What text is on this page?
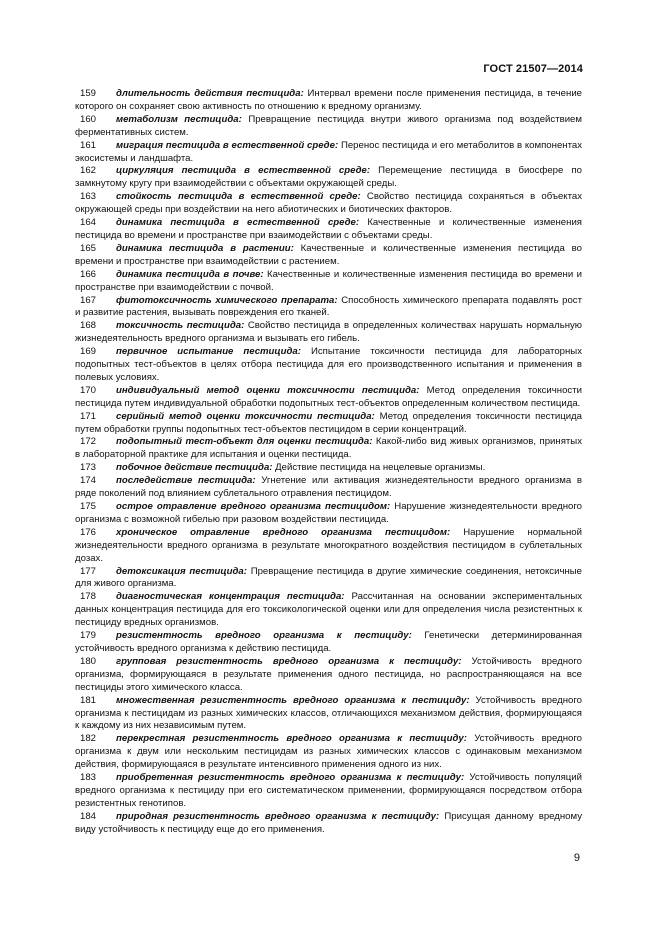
ГОСТ 21507—2014

159 длительность действия пестицида: Интервал времени после применения пестицида, в течение которого он сохраняет свою активность по отношению к вредному организму.

160 метаболизм пестицида: Превращение пестицида внутри живого организма под воздействием ферментативных систем.

161 миграция пестицида в естественной среде: Перенос пестицида и его метаболитов в компонентах экосистемы и ландшафта.

162 циркуляция пестицида в естественной среде: Перемещение пестицида в биосфере по замкнутому кругу при взаимодействии с объектами окружающей среды.

163 стойкость пестицида в естественной среде: Свойство пестицида сохраняться в объектах окружающей среды при воздействии на него абиотических и биотических факторов.

164 динамика пестицида в естественной среде: Качественные и количественные изменения пестицида во времени и пространстве при взаимодействии с объектами среды.

165 динамика пестицида в растении: Качественные и количественные изменения пестицида во времени и пространстве при взаимодействии с растением.

166 динамика пестицида в почве: Качественные и количественные изменения пестицида во времени и пространстве при взаимодействии с почвой.

167 фитотоксичность химического препарата: Способность химического препарата подавлять рост и развитие растения, вызывать повреждения его тканей.

168 токсичность пестицида: Свойство пестицида в определенных количествах нарушать нормальную жизнедеятельность вредного организма и вызывать его гибель.

169 первичное испытание пестицида: Испытание токсичности пестицида для лабораторных подопытных тест-объектов в целях отбора пестицида для его производственного испытания и применения в полевых условиях.

170 индивидуальный метод оценки токсичности пестицида: Метод определения токсичности пестицида путем индивидуальной обработки подопытных тест-объектов определенным количеством пестицида.

171 серийный метод оценки токсичности пестицида: Метод определения токсичности пестицида путем обработки группы подопытных тест-объектов пестицидом в серии концентраций.

172 подопытный тест-объект для оценки пестицида: Какой-либо вид живых организмов, принятых в лабораторной практике для испытания и оценки пестицида.

173 побочное действие пестицида: Действие пестицида на нецелевые организмы.

174 последействие пестицида: Угнетение или активация жизнедеятельности вредного организма в ряде поколений под влиянием сублетального отравления пестицидом.

175 острое отравление вредного организма пестицидом: Нарушение жизнедеятельности вредного организма с возможной гибелью при разовом воздействии пестицида.

176 хроническое отравление вредного организма пестицидом: Нарушение нормальной жизнедеятельности вредного организма в результате многократного воздействия пестицидом в сублетальных дозах.

177 детоксикация пестицида: Превращение пестицида в другие химические соединения, нетоксичные для живого организма.

178 диагностическая концентрация пестицида: Рассчитанная на основании экспериментальных данных концентрация пестицида для его токсикологической оценки или для определения числа резистентных к пестициду вредных организмов.

179 резистентность вредного организма к пестициду: Генетически детерминированная устойчивость вредного организма к действию пестицида.

180 групповая резистентность вредного организма к пестициду: Устойчивость вредного организма, формирующаяся в результате применения одного пестицида, но распространяющаяся на все пестициды этого химического класса.

181 множественная резистентность вредного организма к пестициду: Устойчивость вредного организма к пестицидам из разных химических классов, отличающихся механизмом действия, формирующаяся к каждому из них независимым путем.

182 перекрестная резистентность вредного организма к пестициду: Устойчивость вредного организма к двум или нескольким пестицидам из разных химических классов с одинаковым механизмом действия, формирующаяся в результате интенсивного применения одного из них.

183 приобретенная резистентность вредного организма к пестициду: Устойчивость популяций вредного организма к пестициду при его систематическом применении, формирующаяся посредством отбора резистентных генотипов.

184 природная резистентность вредного организма к пестициду: Присущая данному вредному виду устойчивость к пестициду еще до его применения.

9
